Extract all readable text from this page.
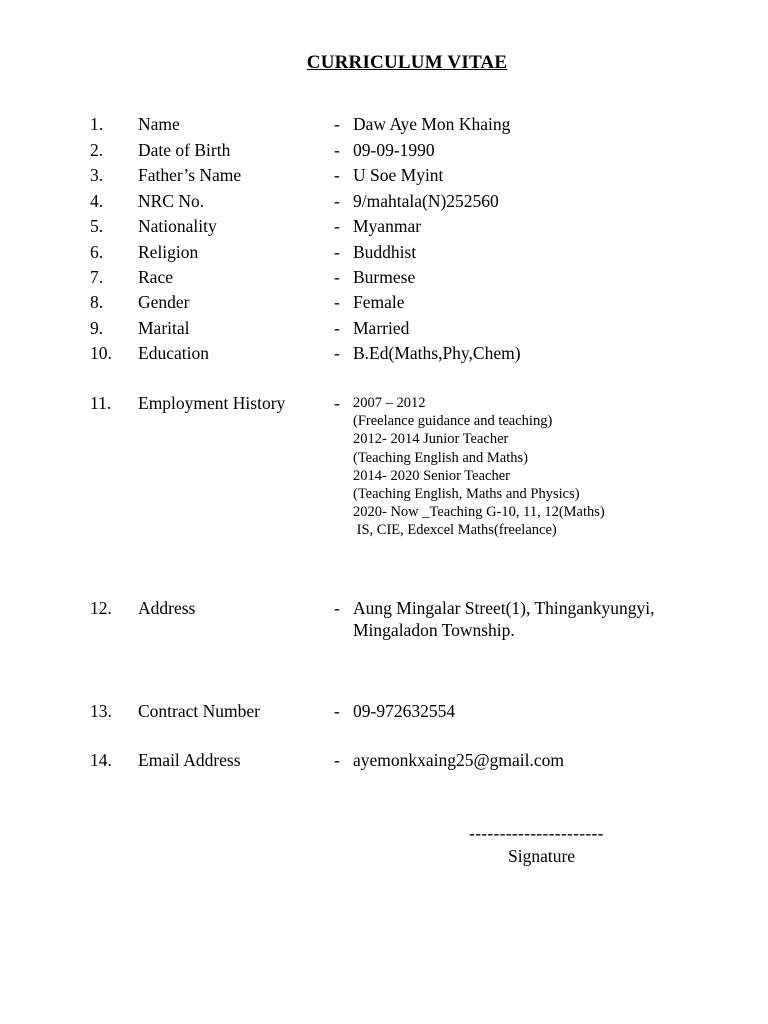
CURRICULUM VITAE
1. Name	- Daw Aye Mon Khaing
2. Date of Birth	- 09-09-1990
3. Father’s Name	- U Soe Myint
4. NRC No.	- 9/mahtala(N)252560
5. Nationality	- Myanmar
6. Religion	- Buddhist
7. Race	- Burmese
8. Gender	- Female
9. Marital	- Married
10. Education	- B.Ed(Maths,Phy,Chem)
11. Employment History	- 2007 – 2012
(Freelance guidance and teaching)
2012- 2014 Junior Teacher
(Teaching English and Maths)
2014- 2020 Senior Teacher
(Teaching English, Maths and Physics)
2020- Now _Teaching G-10, 11, 12(Maths)
IS, CIE, Edexcel Maths(freelance)
12. Address	- Aung Mingalar Street(1), Thingankyungyi,
Mingaladon Township.
13. Contract Number	- 09-972632554
14. Email Address	- ayemonkxaing25@gmail.com
----------------------
Signature
